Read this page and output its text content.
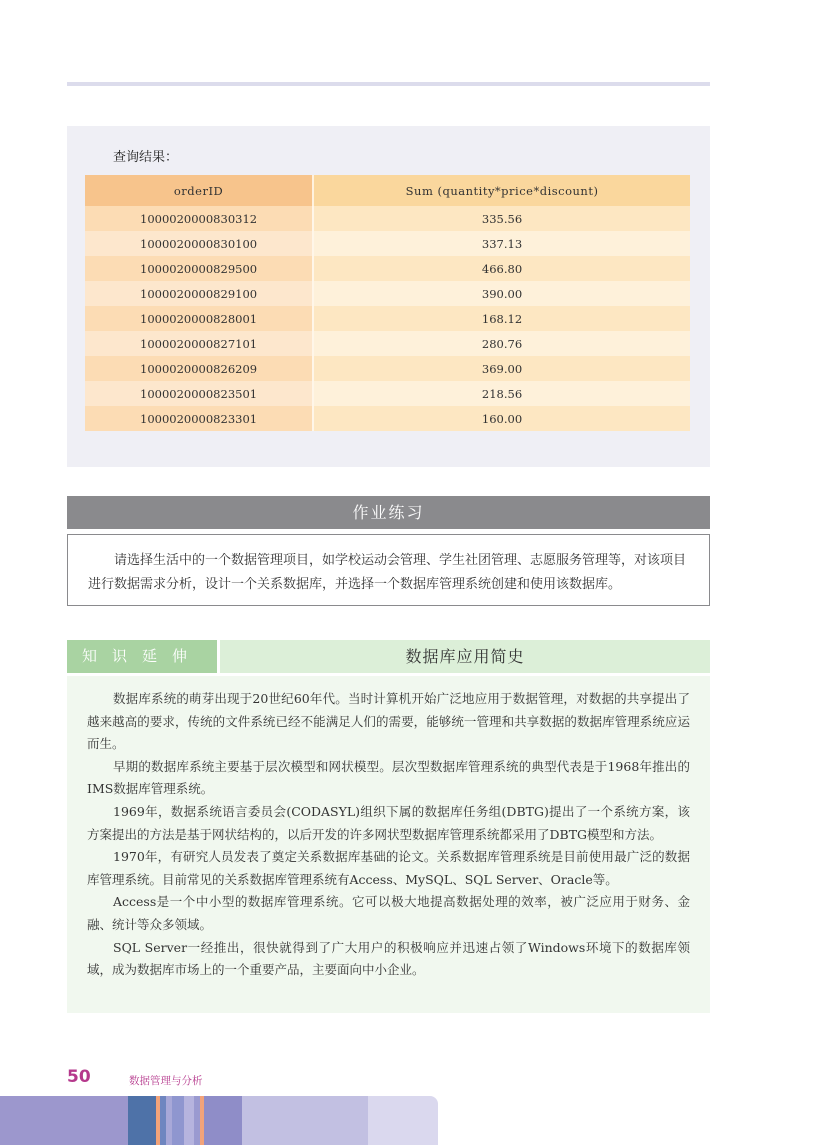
查询结果：
orderID	Sum (quantity*price*discount)
1000020000830312	335.56
1000020000830100	337.13
1000020000829500	466.80
1000020000829100	390.00
1000020000828001	168.12
1000020000827101	280.76
1000020000826209	369.00
1000020000823501	218.56
1000020000823301	160.00
作业练习

请选择生活中的一个数据管理项目，如学校运动会管理、学生社团管理、志愿服务管理等，对该项目进行数据需求分析，设计一个关系数据库，并选择一个数据库管理系统创建和使用该数据库。

知识延伸	数据库应用简史

数据库系统的萌芽出现于20世纪60年代。当时计算机开始广泛地应用于数据管理，对数据的共享提出了越来越高的要求，传统的文件系统已经不能满足人们的需要，能够统一管理和共享数据的数据库管理系统应运而生。

早期的数据库系统主要基于层次模型和网状模型。层次型数据库管理系统的典型代表是于1968年推出的IMS数据库管理系统。

1969年，数据系统语言委员会(CODASYL)组织下属的数据库任务组(DBTG)提出了一个系统方案，该方案提出的方法是基于网状结构的，以后开发的许多网状型数据库管理系统都采用了DBTG模型和方法。

1970年，有研究人员发表了奠定关系数据库基础的论文。关系数据库管理系统是目前使用最广泛的数据库管理系统。目前常见的关系数据库管理系统有Access、MySQL、SQL Server、Oracle等。

Access是一个中小型的数据库管理系统。它可以极大地提高数据处理的效率，被广泛应用于财务、金融、统计等众多领域。

SQL Server一经推出，很快就得到了广大用户的积极响应并迅速占领了Windows环境下的数据库领域，成为数据库市场上的一个重要产品，主要面向中小企业。

50	数据管理与分析
